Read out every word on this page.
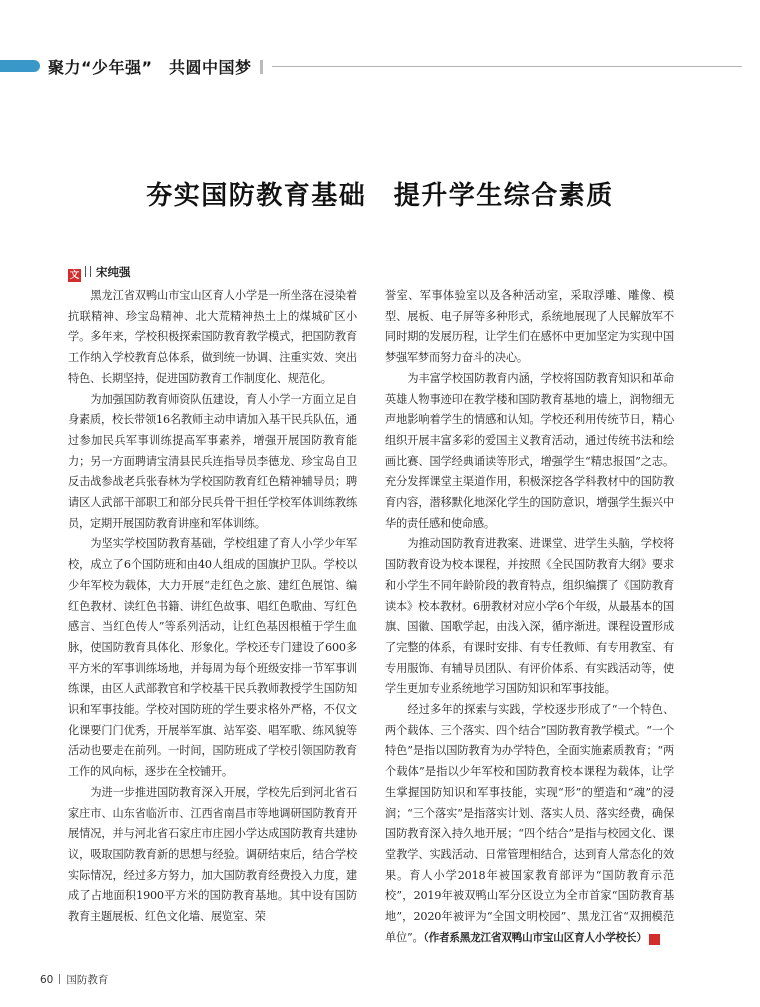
聚力“少年强”　共圆中国梦
夯实国防教育基础　提升学生综合素质
文 宋纯强

黑龙江省双鸭山市宝山区育人小学是一所坐落在浸染着抗联精神、珍宝岛精神、北大荒精神热土上的煤城矿区小学。多年来，学校积极探索国防教育教学模式，把国防教育工作纳入学校教育总体系，做到统一协调、注重实效、突出特色、长期坚持，促进国防教育工作制度化、规范化。

为加强国防教育师资队伍建设，育人小学一方面立足自身素质，校长带领16名教师主动申请加入基干民兵队伍，通过参加民兵军事训练提高军事素养，增强开展国防教育能力；另一方面聘请宝清县民兵连指导员李德龙、珍宝岛自卫反击战参战老兵张春林为学校国防教育红色精神辅导员；聘请区人武部干部职工和部分民兵骨干担任学校军体训练教练员，定期开展国防教育讲座和军体训练。

为坚实学校国防教育基础，学校组建了育人小学少年军校，成立了6个国防班和由40人组成的国旗护卫队。学校以少年军校为载体，大力开展“走红色之旅、建红色展馆、编红色教材、读红色书籍、讲红色故事、唱红色歌曲、写红色感言、当红色传人”等系列活动，让红色基因根植于学生血脉，使国防教育具体化、形象化。学校还专门建设了600多平方米的军事训练场地，并每周为每个班级安排一节军事训练课，由区人武部教官和学校基干民兵教师教授学生国防知识和军事技能。学校对国防班的学生要求格外严格，不仅文化课要门门优秀，开展举军旗、站军姿、唱军歌、练风貌等活动也要走在前列。一时间，国防班成了学校引领国防教育工作的风向标，逐步在全校铺开。

为进一步推进国防教育深入开展，学校先后到河北省石家庄市、山东省临沂市、江西省南昌市等地调研国防教育开展情况，并与河北省石家庄市庄园小学达成国防教育共建协议，吸取国防教育新的思想与经验。调研结束后，结合学校实际情况，经过多方努力，加大国防教育经费投入力度，建成了占地面积1900平方米的国防教育基地。其中设有国防教育主题展板、红色文化墙、展览室、荣

誉室、军事体验室以及各种活动室，采取浮雕、雕像、模型、展板、电子屏等多种形式，系统地展现了人民解放军不同时期的发展历程，让学生们在感怀中更加坚定为实现中国梦强军梦而努力奋斗的决心。

为丰富学校国防教育内涵，学校将国防教育知识和革命英雄人物事迹印在教学楼和国防教育基地的墙上，润物细无声地影响着学生的情感和认知。学校还利用传统节日，精心组织开展丰富多彩的爱国主义教育活动，通过传统书法和绘画比赛、国学经典诵读等形式，增强学生“精忠报国”之志。充分发挥课堂主渠道作用，积极深挖各学科教材中的国防教育内容，潜移默化地深化学生的国防意识，增强学生振兴中华的责任感和使命感。

为推动国防教育进教案、进课堂、进学生头脑，学校将国防教育设为校本课程，并按照《全民国防教育大纲》要求和小学生不同年龄阶段的教育特点，组织编撰了《国防教育读本》校本教材。6册教材对应小学6个年级，从最基本的国旗、国徽、国歌学起，由浅入深，循序渐进。课程设置形成了完整的体系，有课时安排、有专任教师、有专用教室、有专用服饰、有辅导员团队、有评价体系、有实践活动等，使学生更加专业系统地学习国防知识和军事技能。

经过多年的探索与实践，学校逐步形成了“一个特色、两个载体、三个落实、四个结合”国防教育教学模式。“一个特色”是指以国防教育为办学特色，全面实施素质教育；“两个载体”是指以少年军校和国防教育校本课程为载体，让学生掌握国防知识和军事技能，实现“形”的塑造和“魂”的浸润；“三个落实”是指落实计划、落实人员、落实经费，确保国防教育深入持久地开展；“四个结合”是指与校园文化、课堂教学、实践活动、日常管理相结合，达到育人常态化的效果。育人小学2018年被国家教育部评为“国防教育示范校”，2019年被双鸭山军分区设立为全市首家“国防教育基地”，2020年被评为“全国文明校园”、黑龙江省“双拥模范单位”。（作者系黑龙江省双鸭山市宝山区育人小学校长）	G

60 国防教育
